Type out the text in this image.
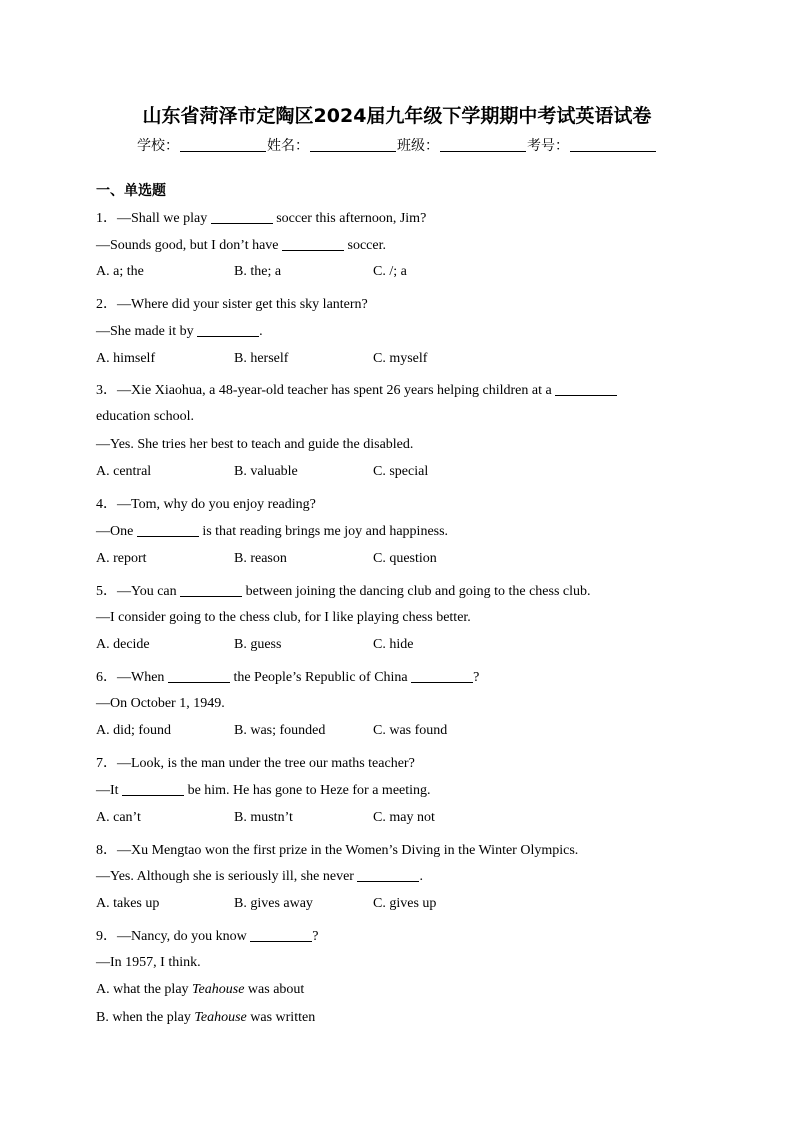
山东省菏泽市定陶区2024届九年级下学期期中考试英语试卷
学校：	姓名：	班级：	考号：
一、单选题
1．—Shall we play	soccer this afternoon, Jim?
—Sounds good, but I don’t have	soccer.
A. a; the	B. the; a	C. /; a
2．—Where did your sister get this sky lantern?
—She made it by	.
A. himself	B. herself	C. myself
3．—Xie Xiaohua, a 48-year-old teacher has spent 26 years helping children at a
education school.
—Yes. She tries her best to teach and guide the disabled.
A. central	B. valuable	C. special
4．—Tom, why do you enjoy reading?
—One	is that reading brings me joy and happiness.
A. report	B. reason	C. question
5．—You can	between joining the dancing club and going to the chess club.
—I consider going to the chess club, for I like playing chess better.
A. decide	B. guess	C. hide
6．—When	the People’s Republic of China	?
—On October 1, 1949.
A. did; found	B. was; founded	C. was found
7．—Look, is the man under the tree our maths teacher?
—It	be him. He has gone to Heze for a meeting.
A. can’t	B. mustn’t	C. may not
8．—Xu Mengtao won the first prize in the Women’s Diving in the Winter Olympics.
—Yes. Although she is seriously ill, she never	.
A. takes up	B. gives away	C. gives up
9．—Nancy, do you know	?
—In 1957, I think.
A. what the play Teahouse was about
B. when the play Teahouse was written
